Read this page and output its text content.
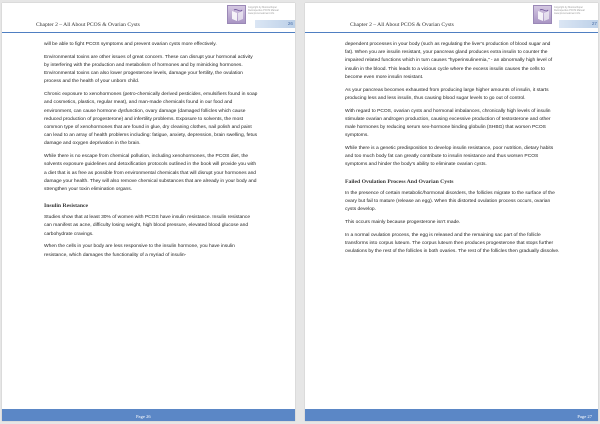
Chapter 2 – All About PCOS & Ovarian Cysts
Copyright by Monica Roper Retrospective PCOS Manual www.pcos-treatment.info
26

will be able to fight PCOS symptoms and prevent ovarian cysts more effectively.

Environmental toxins are other issues of great concern. These can disrupt your hormonal activity by interfering with the production and metabolism of hormones and by mimicking hormones. Environmental toxins can also lower progesterone levels, damage your fertility, the ovulation process and the health of your unborn child.

Chronic exposure to xenohormones (petro-chemically derived pesticides, emulsifiers found in soap and cosmetics, plastics, regular meat), and man-made chemicals found in our food and environment, can cause hormone dysfunction, ovary damage (damaged follicles which cause reduced production of progesterone) and infertility problems. Exposure to solvents, the most common type of xenohormones that are found in glue, dry cleaning clothes, nail polish and paint can lead to an array of health problems including: fatigue, anxiety, depression, brain swelling, fetus damage and oxygen deprivation in the brain.

While there is no escape from chemical pollution, including xenohormones, the PCOS diet, the solvents exposure guidelines and detoxification protocols outlined in the book will provide you with a diet that is as free as possible from environmental chemicals that will disrupt your hormones and damage your health. They will also remove chemical substances that are already in your body and strengthen your toxin elimination organs.

Insulin Resistance

Studies show that at least 30% of women with PCOS have insulin resistance. Insulin resistance can manifest as acne, difficulty losing weight, high blood pressure, elevated blood glucose and carbohydrate cravings.

When the cells in your body are less responsive to the insulin hormone, you have insulin resistance, which damages the functionality of a myriad of insulin-

Page 26
Chapter 2 – All About PCOS & Ovarian Cysts
Copyright by Monica Roper Retrospective PCOS Manual www.pcos-treatment.info
27

dependent processes in your body (such as regulating the liver's production of blood sugar and fat). When you are insulin resistant, your pancreas gland produces extra insulin to counter the impaired related functions which in turn causes "hyperinsulinemia," - an abnormally high level of insulin in the blood. This leads to a vicious cycle where the excess insulin causes the cells to become even more insulin resistant.

As your pancreas becomes exhausted from producing large higher amounts of insulin, it starts producing less and less insulin, thus causing blood sugar levels to go out of control.

With regard to PCOS, ovarian cysts and hormonal imbalances, chronically high levels of insulin stimulate ovarian androgen production, causing excessive production of testosterone and other male hormones by reducing serum sex-hormone binding globulin (SHBG) that worsen PCOS symptoms.

While there is a genetic predisposition to develop insulin resistance, poor nutrition, dietary habits and too much body fat can greatly contribute to insulin resistance and thus worsen PCOS symptoms and hinder the body's ability to eliminate ovarian cysts.

Failed Ovulation Process And Ovarian Cysts

In the presence of certain metabolic/hormonal disorders, the follicles migrate to the surface of the ovary but fail to mature (release an egg). When this distorted ovulation process occurs, ovarian cysts develop.

This occurs mainly because progesterone isn't made.

In a normal ovulation process, the egg is released and the remaining sac part of the follicle transforms into corpus luteum. The corpus luteum then produces progesterone that stops further ovulations by the rest of the follicles in both ovaries. The rest of the follicles then gradually dissolve.

Page 27
